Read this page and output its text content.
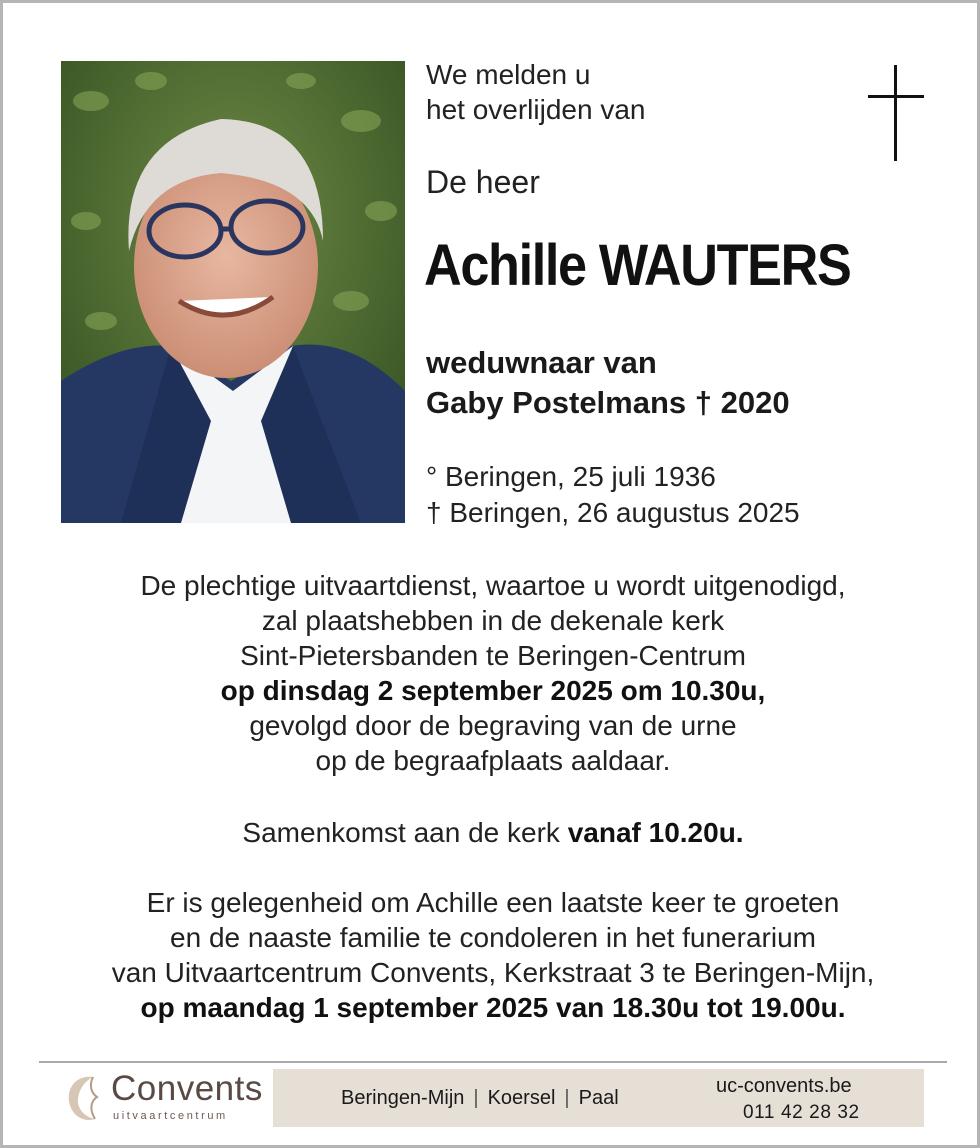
We melden u
het overlijden van
De heer
Achille WAUTERS
weduwnaar van
Gaby Postelmans † 2020
° Beringen, 25 juli 1936
† Beringen, 26 augustus 2025
De plechtige uitvaartdienst, waartoe u wordt uitgenodigd,
zal plaatshebben in de dekenale kerk
Sint-Pietersbanden te Beringen-Centrum
op dinsdag 2 september 2025 om 10.30u,
gevolgd door de begraving van de urne
op de begraafplaats aaldaar.
Samenkomst aan de kerk vanaf 10.20u.
Er is gelegenheid om Achille een laatste keer te groeten
en de naaste familie te condoleren in het funerarium
van Uitvaartcentrum Convents, Kerkstraat 3 te Beringen-Mijn,
op maandag 1 september 2025 van 18.30u tot 19.00u.
Convents
uitvaartcentrum
Beringen-Mijn | Koersel | Paal
uc-convents.be
011 42 28 32
